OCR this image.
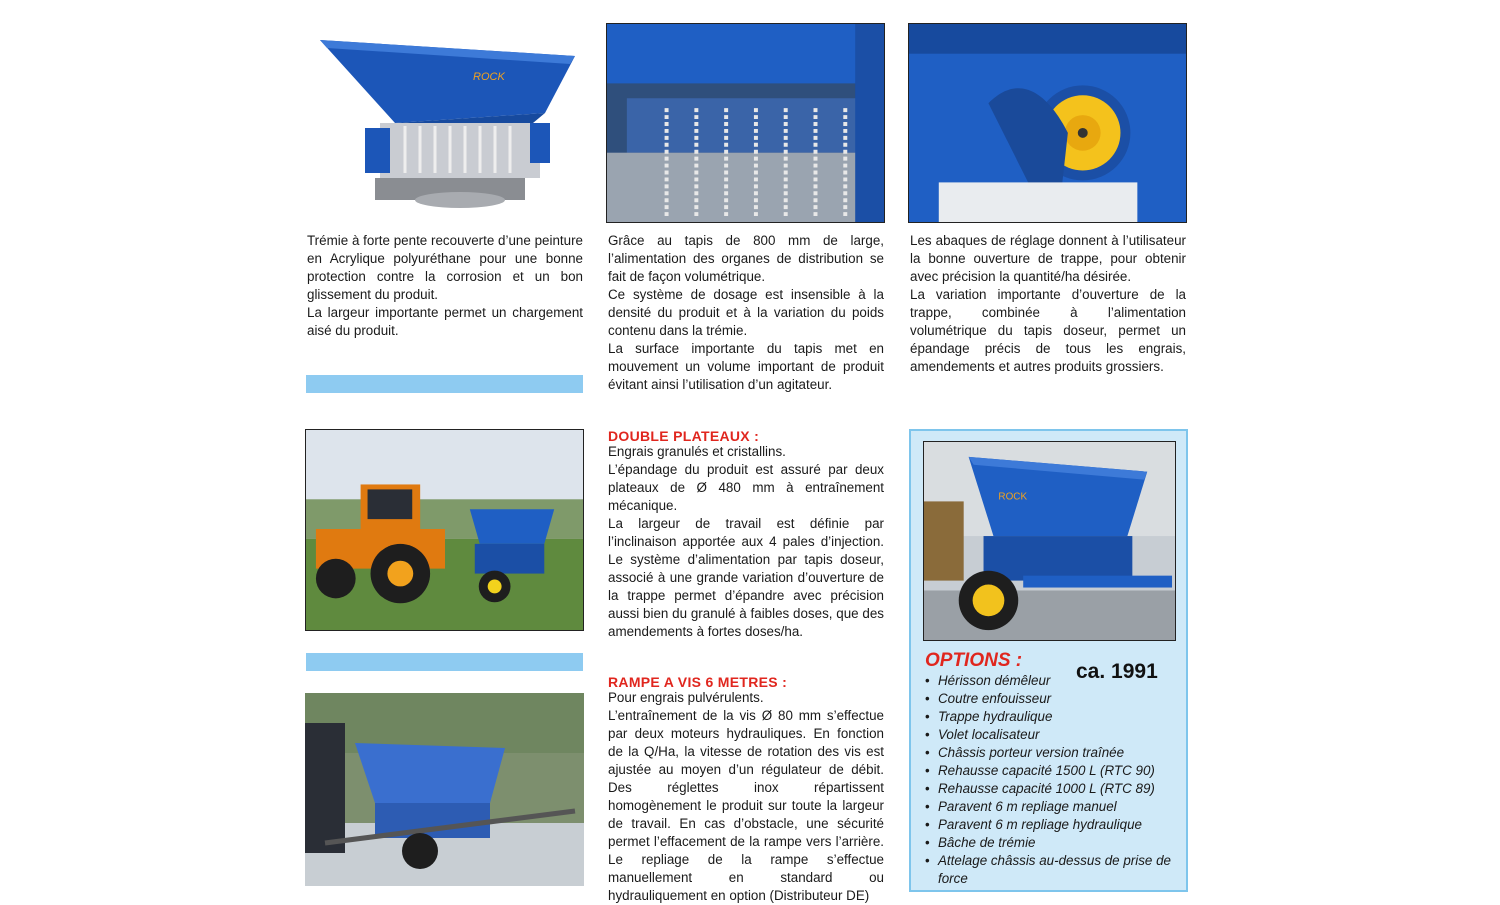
ROCK

Trémie à forte pente recouverte d’une peinture en Acrylique polyuréthane pour une bonne protection contre la corrosion et un bon glissement du produit.

La largeur importante permet un chargement aisé du produit.

Grâce au tapis de 800 mm de large, l’alimentation des organes de distribution se fait de façon volumétrique.

Ce système de dosage est insensible à la densité du produit et à la variation du poids contenu dans la trémie.

La surface importante du tapis met en mouvement un volume important de produit évitant ainsi l’utilisation d’un agitateur.

Les abaques de réglage donnent à l’utilisateur la bonne ouverture de trappe, pour obtenir avec précision la quantité/ha désirée.

La variation importante d’ouverture de la trappe, combinée à l’alimentation volumétrique du tapis doseur, permet un épandage précis de tous les engrais, amendements et autres produits grossiers.

DOUBLE PLATEAUX :

Engrais granulés et cristallins.

L’épandage du produit est assuré par deux plateaux de Ø 480 mm à entraînement mécanique.

La largeur de travail est définie par l’inclinaison apportée aux 4 pales d’injection. Le système d’alimentation par tapis doseur, associé à une grande variation d’ouverture de la trappe permet d’épandre avec précision aussi bien du granulé à faibles doses, que des amendements à fortes doses/ha.

RAMPE A VIS 6 METRES :

Pour engrais pulvérulents.

L’entraînement de la vis Ø 80 mm s’effectue par deux moteurs hydrauliques. En fonction de la Q/Ha, la vitesse de rotation des vis est ajustée au moyen d’un régulateur de débit. Des réglettes inox répartissent homogènement le produit sur toute la largeur de travail. En cas d’obstacle, une sécurité permet l’effacement de la rampe vers l’arrière. Le repliage de la rampe s’effectue manuellement en standard ou hydrauliquement en option (Distributeur DE)

ROCK
OPTIONS :	ca. 1991
• Hérisson démêleur
• Coutre enfouisseur
• Trappe hydraulique
• Volet localisateur
• Châssis porteur version traînée
• Rehausse capacité 1500 L (RTC 90)
• Rehausse capacité 1000 L (RTC 89)
• Paravent 6 m repliage manuel
• Paravent 6 m repliage hydraulique
• Bâche de trémie
• Attelage châssis au-dessus de prise de force
